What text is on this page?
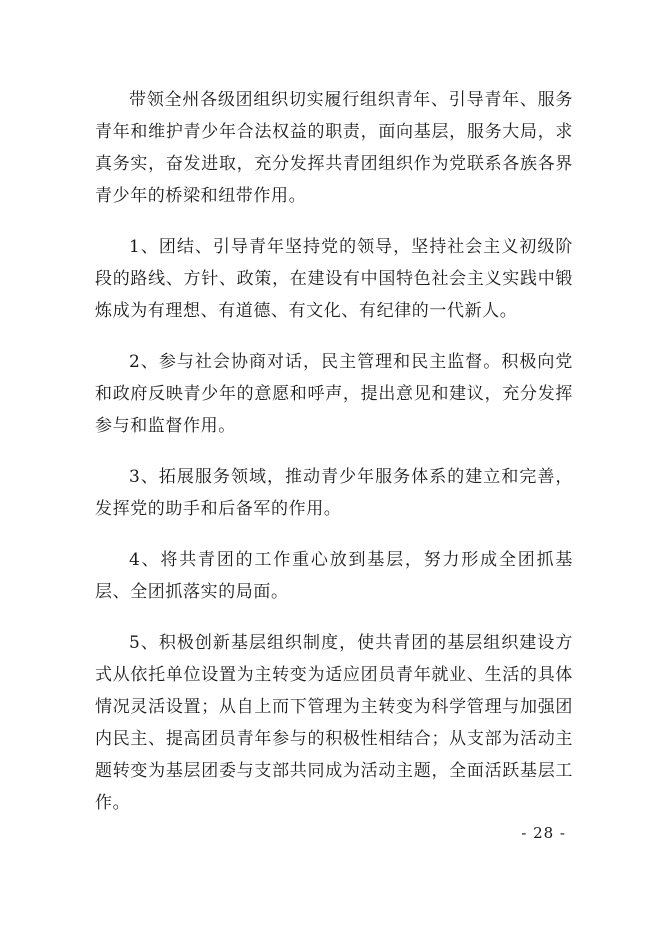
带领全州各级团组织切实履行组织青年、引导青年、服务青年和维护青少年合法权益的职责，面向基层，服务大局，求真务实，奋发进取，充分发挥共青团组织作为党联系各族各界青少年的桥梁和纽带作用。

1、团结、引导青年坚持党的领导，坚持社会主义初级阶段的路线、方针、政策，在建设有中国特色社会主义实践中锻炼成为有理想、有道德、有文化、有纪律的一代新人。

2、参与社会协商对话，民主管理和民主监督。积极向党和政府反映青少年的意愿和呼声，提出意见和建议，充分发挥参与和监督作用。

3、拓展服务领域，推动青少年服务体系的建立和完善，发挥党的助手和后备军的作用。

4、将共青团的工作重心放到基层，努力形成全团抓基层、全团抓落实的局面。

5、积极创新基层组织制度，使共青团的基层组织建设方式从依托单位设置为主转变为适应团员青年就业、生活的具体情况灵活设置；从自上而下管理为主转变为科学管理与加强团内民主、提高团员青年参与的积极性相结合；从支部为活动主题转变为基层团委与支部共同成为活动主题，全面活跃基层工作。

- 28 -
